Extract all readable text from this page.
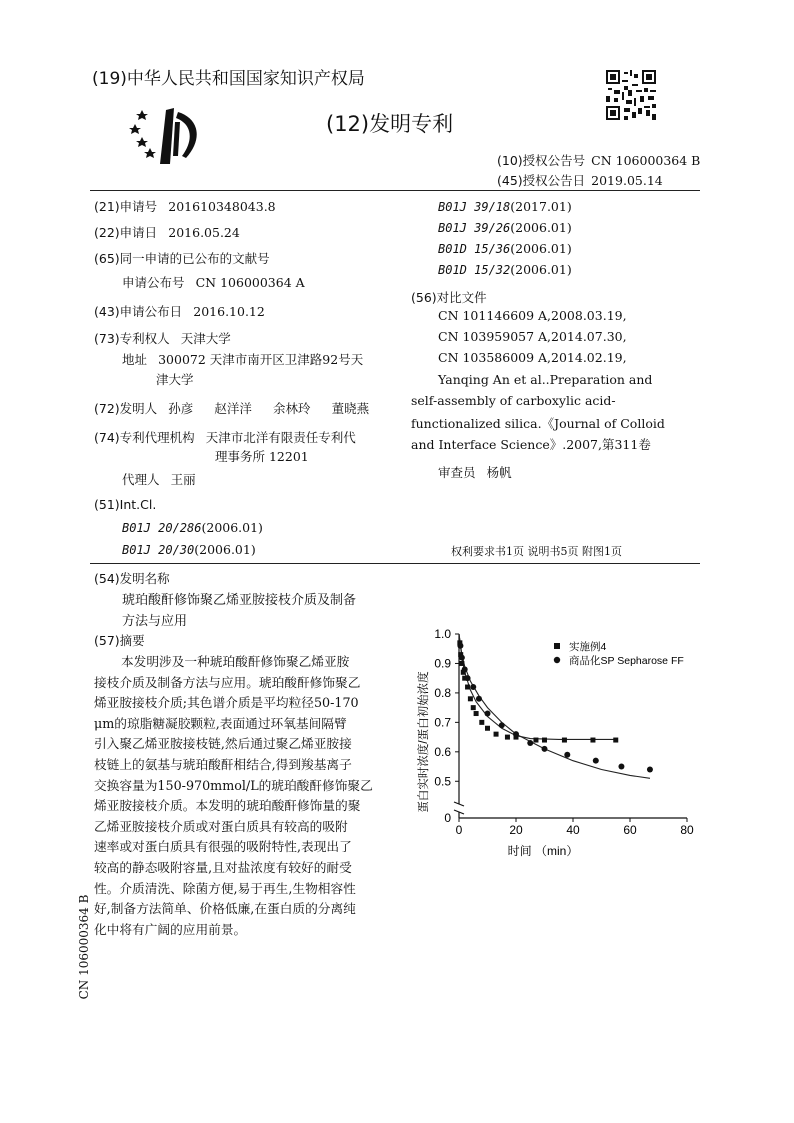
(19)中华人民共和国国家知识产权局
(12)发明专利
(10)授权公告号 CN 106000364 B
(45)授权公告日 2019.05.14
(21)申请号 201610348043.8
(22)申请日 2016.05.24
(65)同一申请的已公布的文献号
申请公布号 CN 106000364 A
(43)申请公布日 2016.10.12
(73)专利权人 天津大学
地址 300072 天津市南开区卫津路92号天
津大学
(72)发明人 孙彦 赵洋洋 余林玲 董晓燕
(74)专利代理机构 天津市北洋有限责任专利代
理事务所 12201
代理人 王丽
(51)Int.Cl.
B01J 20/286(2006.01)
B01J 20/30(2006.01)
B01J 39/18(2017.01)
B01J 39/26(2006.01)
B01D 15/36(2006.01)
B01D 15/32(2006.01)
(56)对比文件
CN 101146609 A,2008.03.19,
CN 103959057 A,2014.07.30,
CN 103586009 A,2014.02.19,
Yanqing An et al..Preparation and
self-assembly of carboxylic acid-
functionalized silica.《Journal of Colloid
and Interface Science》.2007,第311卷
审查员 杨帆
权利要求书1页 说明书5页 附图1页
(54)发明名称
琥珀酸酐修饰聚乙烯亚胺接枝介质及制备
方法与应用
(57)摘要
本发明涉及一种琥珀酸酐修饰聚乙烯亚胺
接枝介质及制备方法与应用。琥珀酸酐修饰聚乙
烯亚胺接枝介质;其色谱介质是平均粒径50-170
μm的琼脂糖凝胶颗粒,表面通过环氧基间隔臂
引入聚乙烯亚胺接枝链,然后通过聚乙烯亚胺接
枝链上的氨基与琥珀酸酐相结合,得到羧基离子
交换容量为150-970mmol/L的琥珀酸酐修饰聚乙
烯亚胺接枝介质。本发明的琥珀酸酐修饰量的聚
乙烯亚胺接枝介质或对蛋白质具有较高的吸附
速率或对蛋白质具有很强的吸附特性,表现出了
较高的静态吸附容量,且对盐浓度有较好的耐受
性。介质清洗、除菌方便,易于再生,生物相容性
好,制备方法简单、价格低廉,在蛋白质的分离纯
化中将有广阔的应用前景。
CN 106000364 B
0.5
0.6
0.7
0.8
0.9
1.0
0
0	20	40	60	80
实施例4
商品化SP Sepharose FF
时间 （min）
蛋白实时浓度/蛋白初始浓度
